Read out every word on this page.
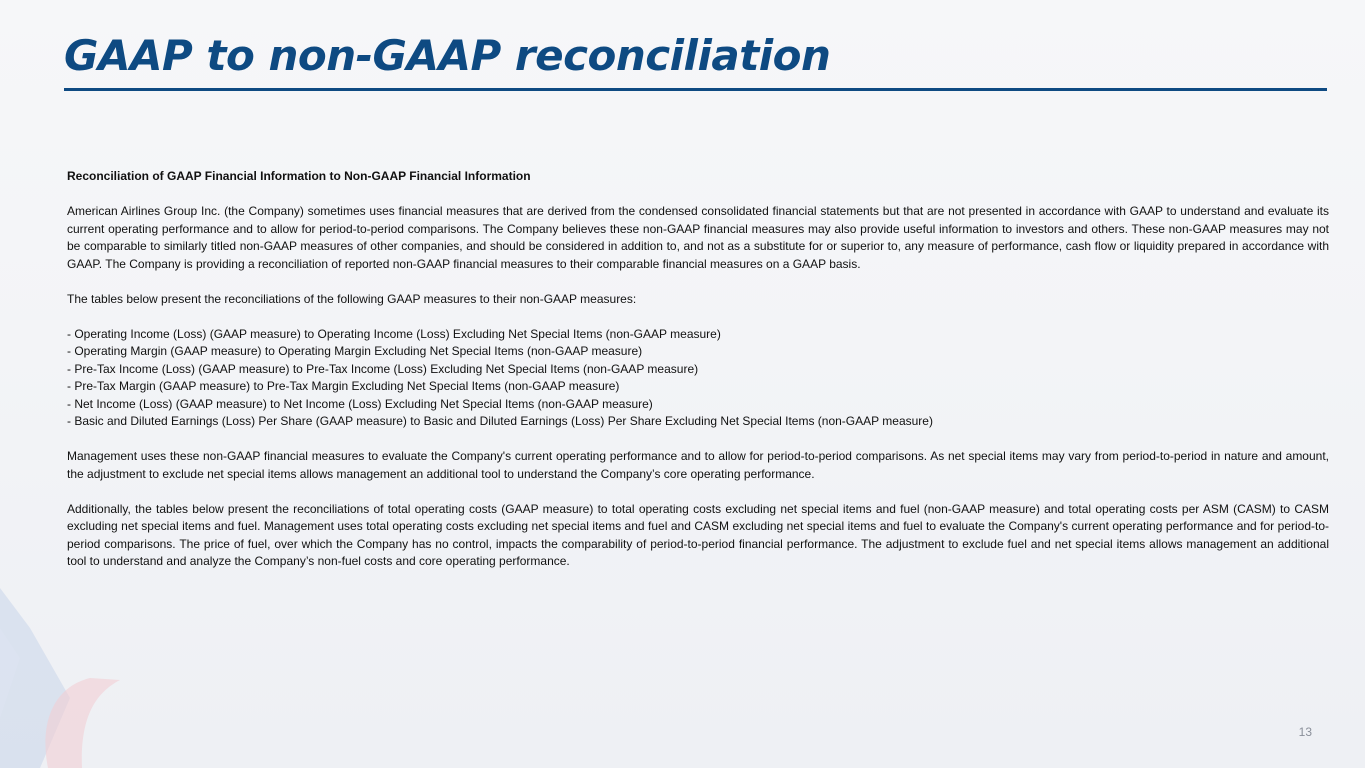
GAAP to non-GAAP reconciliation
Reconciliation of GAAP Financial Information to Non-GAAP Financial Information

American Airlines Group Inc. (the Company) sometimes uses financial measures that are derived from the condensed consolidated financial statements but that are not presented in accordance with GAAP to understand and evaluate its current operating performance and to allow for period-to-period comparisons. The Company believes these non-GAAP financial measures may also provide useful information to investors and others. These non-GAAP measures may not be comparable to similarly titled non-GAAP measures of other companies, and should be considered in addition to, and not as a substitute for or superior to, any measure of performance, cash flow or liquidity prepared in accordance with GAAP. The Company is providing a reconciliation of reported non-GAAP financial measures to their comparable financial measures on a GAAP basis.

The tables below present the reconciliations of the following GAAP measures to their non-GAAP measures:

- Operating Income (Loss) (GAAP measure) to Operating Income (Loss) Excluding Net Special Items (non-GAAP measure)
- Operating Margin (GAAP measure) to Operating Margin Excluding Net Special Items (non-GAAP measure)
- Pre-Tax Income (Loss) (GAAP measure) to Pre-Tax Income (Loss) Excluding Net Special Items (non-GAAP measure)
- Pre-Tax Margin (GAAP measure) to Pre-Tax Margin Excluding Net Special Items (non-GAAP measure)
- Net Income (Loss) (GAAP measure) to Net Income (Loss) Excluding Net Special Items (non-GAAP measure)
- Basic and Diluted Earnings (Loss) Per Share (GAAP measure) to Basic and Diluted Earnings (Loss) Per Share Excluding Net Special Items (non-GAAP measure)

Management uses these non-GAAP financial measures to evaluate the Company's current operating performance and to allow for period-to-period comparisons. As net special items may vary from period-to-period in nature and amount, the adjustment to exclude net special items allows management an additional tool to understand the Company’s core operating performance.

Additionally, the tables below present the reconciliations of total operating costs (GAAP measure) to total operating costs excluding net special items and fuel (non-GAAP measure) and total operating costs per ASM (CASM) to CASM excluding net special items and fuel. Management uses total operating costs excluding net special items and fuel and CASM excluding net special items and fuel to evaluate the Company's current operating performance and for period-to-period comparisons. The price of fuel, over which the Company has no control, impacts the comparability of period-to-period financial performance. The adjustment to exclude fuel and net special items allows management an additional tool to understand and analyze the Company’s non-fuel costs and core operating performance.

13
